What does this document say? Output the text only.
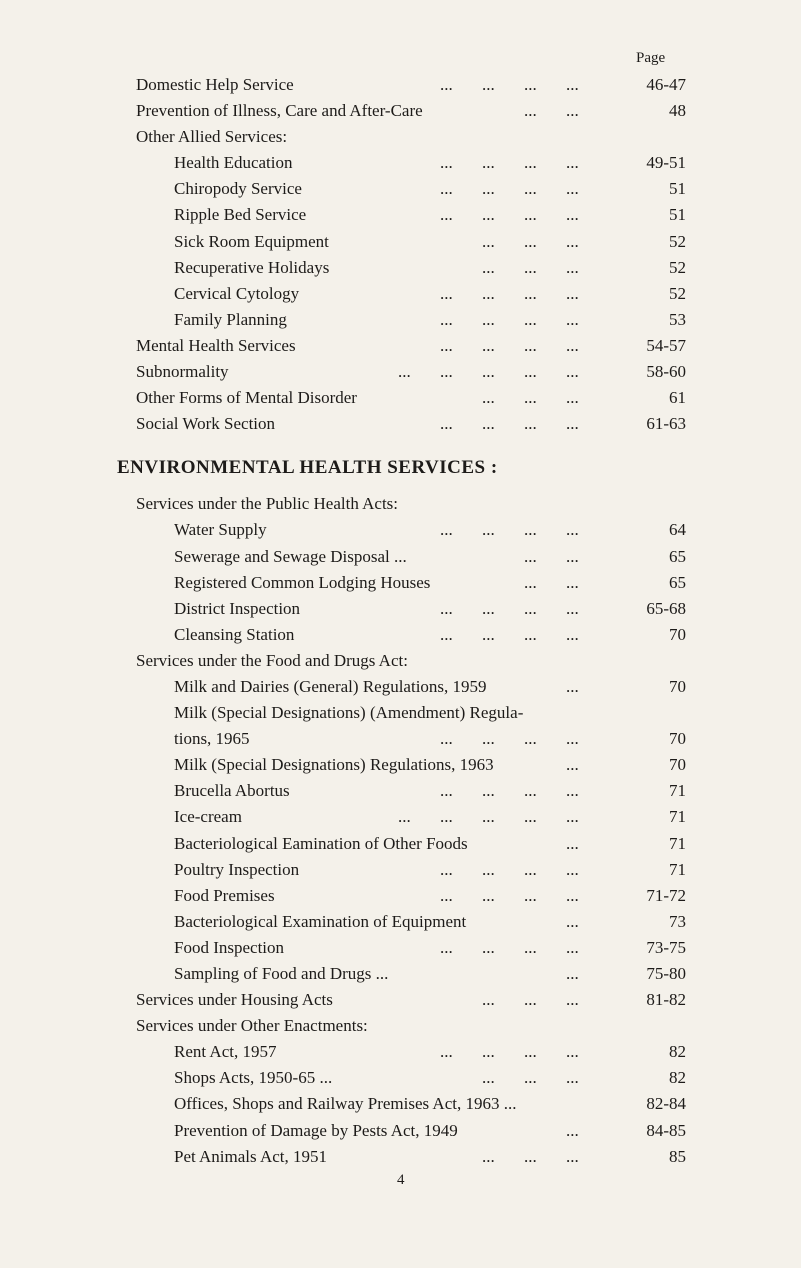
Page
Domestic Help Service	... ... ... ...	46-47
Prevention of Illness, Care and After-Care	... ...	48
Other Allied Services:
Health Education	... ... ... ...	49-51
Chiropody Service	... ... ... ...	51
Ripple Bed Service	... ... ... ...	51
Sick Room Equipment	... ... ...	52
Recuperative Holidays	... ... ...	52
Cervical Cytology	... ... ... ...	52
Family Planning	... ... ... ...	53
Mental Health Services	... ... ... ...	54-57
Subnormality	... ... ... ... ...	58-60
Other Forms of Mental Disorder	... ... ...	61
Social Work Section	... ... ... ...	61-63
ENVIRONMENTAL HEALTH SERVICES :
Services under the Public Health Acts:
Water Supply	... ... ... ...	64
Sewerage and Sewage Disposal ...	... ...	65
Registered Common Lodging Houses	... ...	65
District Inspection	... ... ... ...	65-68
Cleansing Station	... ... ... ...	70
Services under the Food and Drugs Act:
Milk and Dairies (General) Regulations, 1959	...	70
Milk (Special Designations) (Amendment) Regula-
tions, 1965	... ... ... ...	70
Milk (Special Designations) Regulations, 1963	...	70
Brucella Abortus	... ... ... ...	71
Ice-cream	... ... ... ... ...	71
Bacteriological Eamination of Other Foods	...	71
Poultry Inspection	... ... ... ...	71
Food Premises	... ... ... ...	71-72
Bacteriological Examination of Equipment	...	73
Food Inspection	... ... ... ...	73-75
Sampling of Food and Drugs ...	...	75-80
Services under Housing Acts	... ... ...	81-82
Services under Other Enactments:
Rent Act, 1957	... ... ... ...	82
Shops Acts, 1950-65 ...	... ... ...	82
Offices, Shops and Railway Premises Act, 1963 ...	82-84
Prevention of Damage by Pests Act, 1949	...	84-85
Pet Animals Act, 1951	... ... ...	85
4
